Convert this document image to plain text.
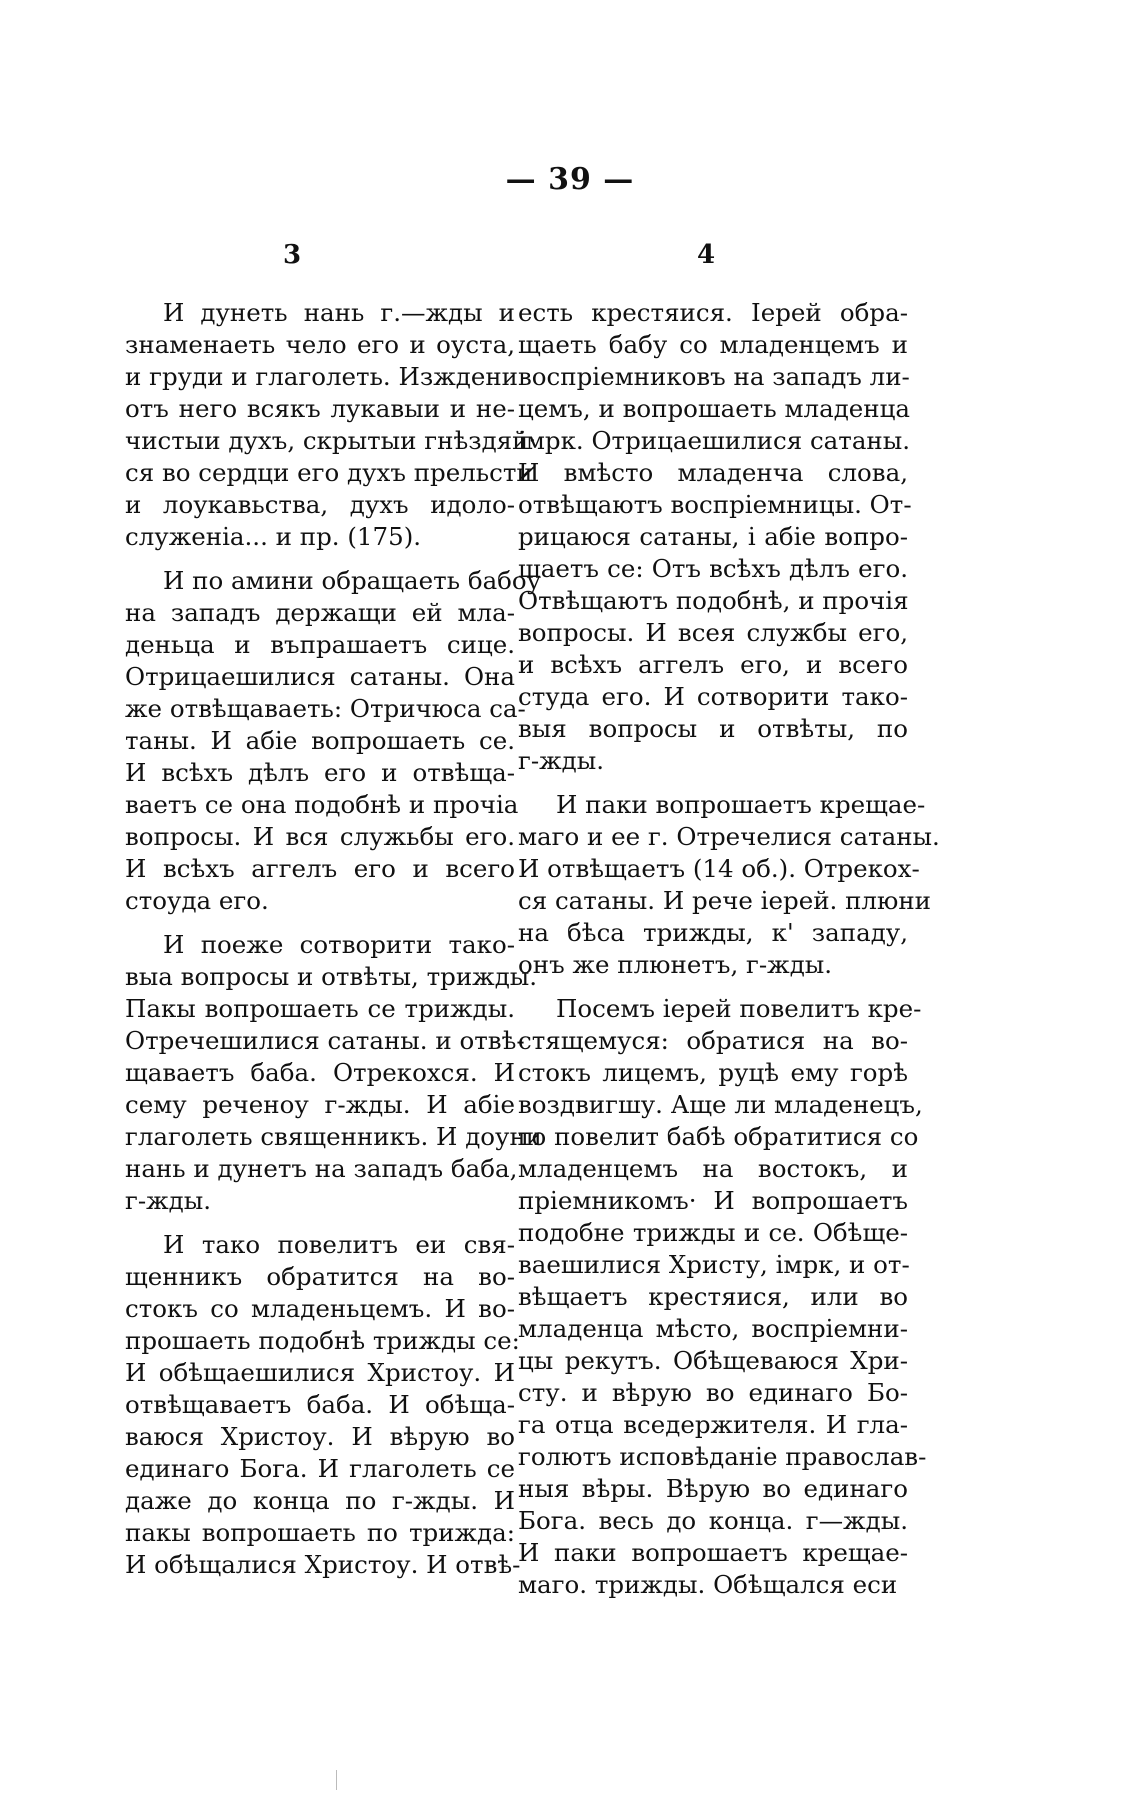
— 39 —
3	4
И дунеть нань г.—жды и
знаменаеть чело его и оуста,
и груди и глаголеть. Изждени
отъ него всякъ лукавыи и не-
чистыи духъ, скрытыи гнѣздяй·
ся во сердци его духъ прельсти
и лоукавьства, духъ идоло-
служеніа... и пр. (175).
И по амини обращаеть бабоу
на западъ держащи ей мла-
деньца и въпрашаетъ сице.
Отрицаешилися сатаны. Она
же отвѣщаваеть: Отричюса са-
таны. И абіе вопрошаеть се.
И всѣхъ дѣлъ его и отвѣща-
ваетъ се она подобнѣ и прочіа
вопросы. И вся служьбы его.
И всѣхъ аггелъ его и всего
стоуда его.
И поеже сотворити тако-
выа вопросы и отвѣты, трижды.
Пакы вопрошаеть се трижды.
Отречешилися сатаны. и отвѣ-
щаваетъ баба. Отрекохся. И
сему реченоу г-жды. И абіе
глаголеть священникъ. И доуни
нань и дунетъ на западъ баба,
г-жды.
И тако повелитъ еи свя-
щенникъ обратится на во-
стокъ со младеньцемъ. И во-
прошаеть подобнѣ трижды се:
И обѣщаешилися Христоу. И
отвѣщаваетъ баба. И обѣща-
ваюся Христоу. И вѣрую во
единаго Бога. И глаголеть се
даже до конца по г-жды. И
пакы вопрошаеть по трижда:
И обѣщалися Христоу. И отвѣ-
есть крестяися. Іерей обра-
щаеть бабу со младенцемъ и
воспріемниковъ на западъ ли-
цемъ, и вопрошаеть младенца
імрк. Отрицаешилися сатаны.
И вмѣсто младенча слова,
отвѣщаютъ воспріемницы. От-
рицаюся сатаны, і абіе вопро-
шаетъ се: Отъ всѣхъ дѣлъ его.
Отвѣщаютъ подобнѣ, и прочія
вопросы. И всея службы его,
и всѣхъ аггелъ его, и всего
студа его. И сотворити тако-
выя вопросы и отвѣты, по
г-жды.
И паки вопрошаетъ крещае-
маго и ее г. Отречелися сатаны.
И отвѣщаетъ (14 об.). Отрекох-
ся сатаны. И рече іерей. плюни
на бѣса трижды, к' западу,
онъ же плюнетъ, г-жды.
Посемъ іерей повелитъ кре-
стящемуся: обратися на во-
стокъ лицемъ, руцѣ ему горѣ
воздвигшу. Аще ли младенецъ,
то повелит бабѣ обратитися со
младенцемъ на востокъ, и
пріемникомъ· И вопрошаетъ
подобне трижды и се. Обѣще-
ваешилися Христу, імрк, и от-
вѣщаетъ крестяися, или во
младенца мѣсто, воспріемни-
цы рекутъ. Обѣщеваюся Хри-
сту. и вѣрую во единаго Бо-
га отца вседержителя. И гла-
голютъ исповѣданіе православ-
ныя вѣры. Вѣрую во единаго
Бога. весь до конца. г—жды.
И паки вопрошаетъ крещае-
маго. трижды. Обѣщался еси
